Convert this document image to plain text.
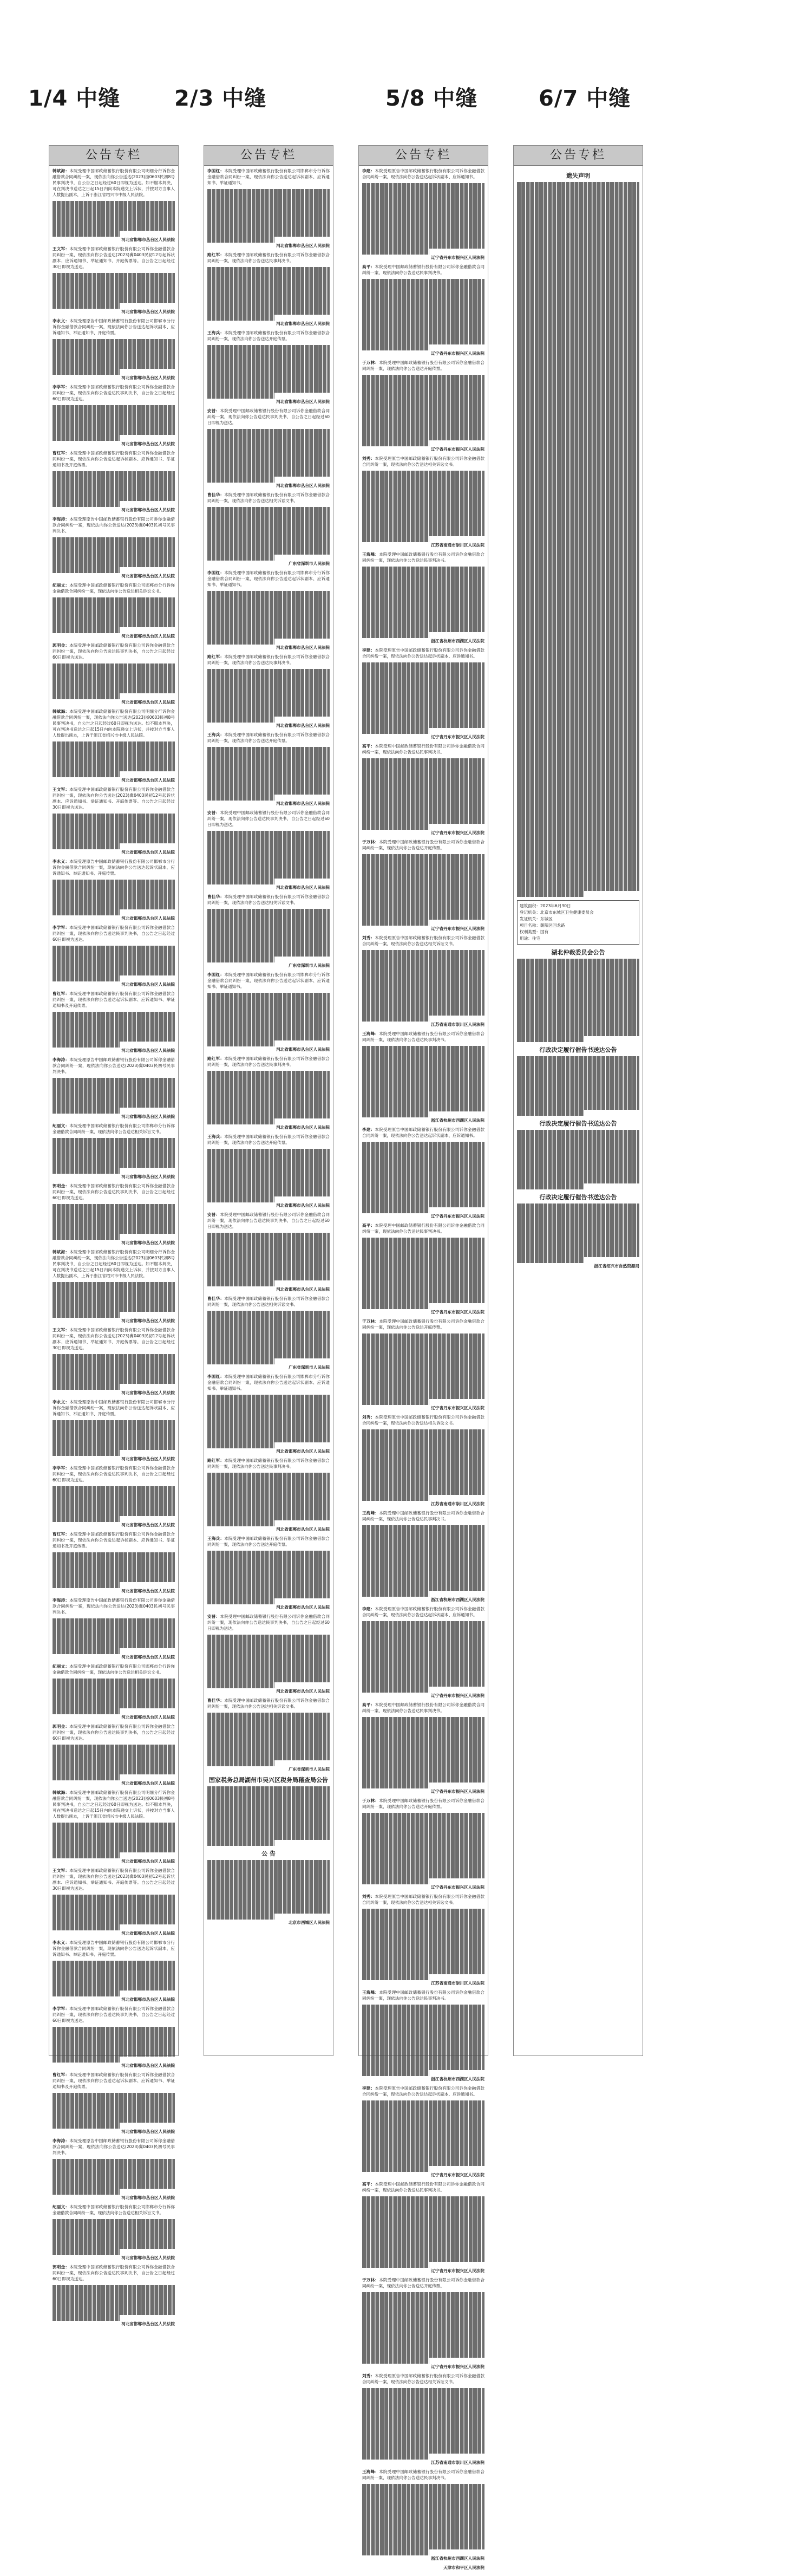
1/4 中缝 2/3 中缝	5/8 中缝	6/7 中缝
公告专栏
韩斌海：本院受理中国邮政储蓄银行股份有限公司明细分行诉你金融借款合同纠纷一案，现依法向你公告送达(2023)浙0603民初8号民事判决书，自公告之日起经过60日即视为送达。如不服本判决，可在判决书送达之日起15日内向本院递交上诉状，并按对方当事人人数提出副本，上诉于浙江省绍兴市中级人民法院。
河北省邯郸市丛台区人民法院
王文军：本院受理中国邮政储蓄银行股份有限公司诉你金融借款合同纠纷一案，现依法向你公告送达(2023)冀0403民初12号起诉状副本、应诉通知书、举证通知书、开庭传票等。自公告之日起经过30日即视为送达。
河北省邯郸市丛台区人民法院
李永义：本院受理原告中国邮政储蓄银行股份有限公司邯郸市分行诉你金融借款合同纠纷一案，现依法向你公告送达起诉状副本、应诉通知书、举证通知书、开庭传票。
河北省邯郸市丛台区人民法院
李学军：本院受理中国邮政储蓄银行股份有限公司诉你金融借款合同纠纷一案，现依法向你公告送达民事判决书，自公告之日起经过60日即视为送达。
河北省邯郸市丛台区人民法院
曹红军：本院受理中国邮政储蓄银行股份有限公司诉你金融借款合同纠纷一案，现依法向你公告送达起诉状副本、应诉通知书、举证通知书及开庭传票。
河北省邯郸市丛台区人民法院
李海涛：本院受理原告中国邮政储蓄银行股份有限公司诉你金融借款合同纠纷一案，现依法向你公告送达(2023)冀0403民初号民事判决书。
河北省邯郸市丛台区人民法院
纪丽文：本院受理中国邮政储蓄银行股份有限公司邯郸市分行诉你金融借款合同纠纷一案，现依法向你公告送达相关诉讼文书。
河北省邯郸市丛台区人民法院
郭明金：本院受理中国邮政储蓄银行股份有限公司诉你金融借款合同纠纷一案，现依法向你公告送达民事判决书，自公告之日起经过60日即视为送达。
河北省邯郸市丛台区人民法院
韩斌海：本院受理中国邮政储蓄银行股份有限公司明细分行诉你金融借款合同纠纷一案，现依法向你公告送达(2023)浙0603民初8号民事判决书，自公告之日起经过60日即视为送达。如不服本判决，可在判决书送达之日起15日内向本院递交上诉状，并按对方当事人人数提出副本，上诉于浙江省绍兴市中级人民法院。
河北省邯郸市丛台区人民法院
王文军：本院受理中国邮政储蓄银行股份有限公司诉你金融借款合同纠纷一案，现依法向你公告送达(2023)冀0403民初12号起诉状副本、应诉通知书、举证通知书、开庭传票等。自公告之日起经过30日即视为送达。
河北省邯郸市丛台区人民法院
李永义：本院受理原告中国邮政储蓄银行股份有限公司邯郸市分行诉你金融借款合同纠纷一案，现依法向你公告送达起诉状副本、应诉通知书、举证通知书、开庭传票。
河北省邯郸市丛台区人民法院
李学军：本院受理中国邮政储蓄银行股份有限公司诉你金融借款合同纠纷一案，现依法向你公告送达民事判决书，自公告之日起经过60日即视为送达。
河北省邯郸市丛台区人民法院
曹红军：本院受理中国邮政储蓄银行股份有限公司诉你金融借款合同纠纷一案，现依法向你公告送达起诉状副本、应诉通知书、举证通知书及开庭传票。
河北省邯郸市丛台区人民法院
李海涛：本院受理原告中国邮政储蓄银行股份有限公司诉你金融借款合同纠纷一案，现依法向你公告送达(2023)冀0403民初号民事判决书。
河北省邯郸市丛台区人民法院
纪丽文：本院受理中国邮政储蓄银行股份有限公司邯郸市分行诉你金融借款合同纠纷一案，现依法向你公告送达相关诉讼文书。
河北省邯郸市丛台区人民法院
郭明金：本院受理中国邮政储蓄银行股份有限公司诉你金融借款合同纠纷一案，现依法向你公告送达民事判决书，自公告之日起经过60日即视为送达。
河北省邯郸市丛台区人民法院
韩斌海：本院受理中国邮政储蓄银行股份有限公司明细分行诉你金融借款合同纠纷一案，现依法向你公告送达(2023)浙0603民初8号民事判决书，自公告之日起经过60日即视为送达。如不服本判决，可在判决书送达之日起15日内向本院递交上诉状，并按对方当事人人数提出副本，上诉于浙江省绍兴市中级人民法院。
河北省邯郸市丛台区人民法院
王文军：本院受理中国邮政储蓄银行股份有限公司诉你金融借款合同纠纷一案，现依法向你公告送达(2023)冀0403民初12号起诉状副本、应诉通知书、举证通知书、开庭传票等。自公告之日起经过30日即视为送达。
河北省邯郸市丛台区人民法院
李永义：本院受理原告中国邮政储蓄银行股份有限公司邯郸市分行诉你金融借款合同纠纷一案，现依法向你公告送达起诉状副本、应诉通知书、举证通知书、开庭传票。
河北省邯郸市丛台区人民法院
李学军：本院受理中国邮政储蓄银行股份有限公司诉你金融借款合同纠纷一案，现依法向你公告送达民事判决书，自公告之日起经过60日即视为送达。
河北省邯郸市丛台区人民法院
曹红军：本院受理中国邮政储蓄银行股份有限公司诉你金融借款合同纠纷一案，现依法向你公告送达起诉状副本、应诉通知书、举证通知书及开庭传票。
河北省邯郸市丛台区人民法院
李海涛：本院受理原告中国邮政储蓄银行股份有限公司诉你金融借款合同纠纷一案，现依法向你公告送达(2023)冀0403民初号民事判决书。
河北省邯郸市丛台区人民法院
纪丽文：本院受理中国邮政储蓄银行股份有限公司邯郸市分行诉你金融借款合同纠纷一案，现依法向你公告送达相关诉讼文书。
河北省邯郸市丛台区人民法院
郭明金：本院受理中国邮政储蓄银行股份有限公司诉你金融借款合同纠纷一案，现依法向你公告送达民事判决书，自公告之日起经过60日即视为送达。
河北省邯郸市丛台区人民法院
韩斌海：本院受理中国邮政储蓄银行股份有限公司明细分行诉你金融借款合同纠纷一案，现依法向你公告送达(2023)浙0603民初8号民事判决书，自公告之日起经过60日即视为送达。如不服本判决，可在判决书送达之日起15日内向本院递交上诉状，并按对方当事人人数提出副本，上诉于浙江省绍兴市中级人民法院。
河北省邯郸市丛台区人民法院
王文军：本院受理中国邮政储蓄银行股份有限公司诉你金融借款合同纠纷一案，现依法向你公告送达(2023)冀0403民初12号起诉状副本、应诉通知书、举证通知书、开庭传票等。自公告之日起经过30日即视为送达。
河北省邯郸市丛台区人民法院
李永义：本院受理原告中国邮政储蓄银行股份有限公司邯郸市分行诉你金融借款合同纠纷一案，现依法向你公告送达起诉状副本、应诉通知书、举证通知书、开庭传票。
河北省邯郸市丛台区人民法院
李学军：本院受理中国邮政储蓄银行股份有限公司诉你金融借款合同纠纷一案，现依法向你公告送达民事判决书，自公告之日起经过60日即视为送达。
河北省邯郸市丛台区人民法院
曹红军：本院受理中国邮政储蓄银行股份有限公司诉你金融借款合同纠纷一案，现依法向你公告送达起诉状副本、应诉通知书、举证通知书及开庭传票。
河北省邯郸市丛台区人民法院
李海涛：本院受理原告中国邮政储蓄银行股份有限公司诉你金融借款合同纠纷一案，现依法向你公告送达(2023)冀0403民初号民事判决书。
河北省邯郸市丛台区人民法院
纪丽文：本院受理中国邮政储蓄银行股份有限公司邯郸市分行诉你金融借款合同纠纷一案，现依法向你公告送达相关诉讼文书。
河北省邯郸市丛台区人民法院
郭明金：本院受理中国邮政储蓄银行股份有限公司诉你金融借款合同纠纷一案，现依法向你公告送达民事判决书，自公告之日起经过60日即视为送达。
河北省邯郸市丛台区人民法院
公告专栏
李国红：本院受理中国邮政储蓄银行股份有限公司邯郸市分行诉你金融借款合同纠纷一案，现依法向你公告送达起诉状副本、应诉通知书、举证通知书。
河北省邯郸市丛台区人民法院
路红军：本院受理中国邮政储蓄银行股份有限公司诉你金融借款合同纠纷一案，现依法向你公告送达民事判决书。
河北省邯郸市丛台区人民法院
王海兵：本院受理中国邮政储蓄银行股份有限公司诉你金融借款合同纠纷一案，现依法向你公告送达开庭传票。
河北省邯郸市丛台区人民法院
安普：本院受理中国邮政储蓄银行股份有限公司诉你金融借款合同纠纷一案，现依法向你公告送达民事判决书，自公告之日起经过60日即视为送达。
河北省邯郸市丛台区人民法院
曹佳华：本院受理中国邮政储蓄银行股份有限公司诉你金融借款合同纠纷一案，现依法向你公告送达相关诉讼文书。
广东省深圳市人民法院
李国红：本院受理中国邮政储蓄银行股份有限公司邯郸市分行诉你金融借款合同纠纷一案，现依法向你公告送达起诉状副本、应诉通知书、举证通知书。
河北省邯郸市丛台区人民法院
路红军：本院受理中国邮政储蓄银行股份有限公司诉你金融借款合同纠纷一案，现依法向你公告送达民事判决书。
河北省邯郸市丛台区人民法院
王海兵：本院受理中国邮政储蓄银行股份有限公司诉你金融借款合同纠纷一案，现依法向你公告送达开庭传票。
河北省邯郸市丛台区人民法院
安普：本院受理中国邮政储蓄银行股份有限公司诉你金融借款合同纠纷一案，现依法向你公告送达民事判决书，自公告之日起经过60日即视为送达。
河北省邯郸市丛台区人民法院
曹佳华：本院受理中国邮政储蓄银行股份有限公司诉你金融借款合同纠纷一案，现依法向你公告送达相关诉讼文书。
广东省深圳市人民法院
李国红：本院受理中国邮政储蓄银行股份有限公司邯郸市分行诉你金融借款合同纠纷一案，现依法向你公告送达起诉状副本、应诉通知书、举证通知书。
河北省邯郸市丛台区人民法院
路红军：本院受理中国邮政储蓄银行股份有限公司诉你金融借款合同纠纷一案，现依法向你公告送达民事判决书。
河北省邯郸市丛台区人民法院
王海兵：本院受理中国邮政储蓄银行股份有限公司诉你金融借款合同纠纷一案，现依法向你公告送达开庭传票。
河北省邯郸市丛台区人民法院
安普：本院受理中国邮政储蓄银行股份有限公司诉你金融借款合同纠纷一案，现依法向你公告送达民事判决书，自公告之日起经过60日即视为送达。
河北省邯郸市丛台区人民法院
曹佳华：本院受理中国邮政储蓄银行股份有限公司诉你金融借款合同纠纷一案，现依法向你公告送达相关诉讼文书。
广东省深圳市人民法院
李国红：本院受理中国邮政储蓄银行股份有限公司邯郸市分行诉你金融借款合同纠纷一案，现依法向你公告送达起诉状副本、应诉通知书、举证通知书。
河北省邯郸市丛台区人民法院
路红军：本院受理中国邮政储蓄银行股份有限公司诉你金融借款合同纠纷一案，现依法向你公告送达民事判决书。
河北省邯郸市丛台区人民法院
王海兵：本院受理中国邮政储蓄银行股份有限公司诉你金融借款合同纠纷一案，现依法向你公告送达开庭传票。
河北省邯郸市丛台区人民法院
安普：本院受理中国邮政储蓄银行股份有限公司诉你金融借款合同纠纷一案，现依法向你公告送达民事判决书，自公告之日起经过60日即视为送达。
河北省邯郸市丛台区人民法院
曹佳华：本院受理中国邮政储蓄银行股份有限公司诉你金融借款合同纠纷一案，现依法向你公告送达相关诉讼文书。
广东省深圳市人民法院
国家税务总局湖州市吴兴区税务局稽查局公告
公 告
北京市西城区人民法院
公告专栏
李建：本院受理原告中国邮政储蓄银行股份有限公司诉你金融借款合同纠纷一案，现依法向你公告送达起诉状副本、应诉通知书。
辽宁省丹东市振兴区人民法院
高平：本院受理中国邮政储蓄银行股份有限公司诉你金融借款合同纠纷一案，现依法向你公告送达民事判决书。
辽宁省丹东市振兴区人民法院
于万林：本院受理中国邮政储蓄银行股份有限公司诉你金融借款合同纠纷一案，现依法向你公告送达开庭传票。
辽宁省丹东市振兴区人民法院
刘秀：本院受理原告中国邮政储蓄银行股份有限公司诉你金融借款合同纠纷一案，现依法向你公告送达相关诉讼文书。
江苏省南通市崇川区人民法院
王海峰：本院受理中国邮政储蓄银行股份有限公司诉你金融借款合同纠纷一案，现依法向你公告送达民事判决书。
浙江省杭州市西湖区人民法院
李建：本院受理原告中国邮政储蓄银行股份有限公司诉你金融借款合同纠纷一案，现依法向你公告送达起诉状副本、应诉通知书。
辽宁省丹东市振兴区人民法院
高平：本院受理中国邮政储蓄银行股份有限公司诉你金融借款合同纠纷一案，现依法向你公告送达民事判决书。
辽宁省丹东市振兴区人民法院
于万林：本院受理中国邮政储蓄银行股份有限公司诉你金融借款合同纠纷一案，现依法向你公告送达开庭传票。
辽宁省丹东市振兴区人民法院
刘秀：本院受理原告中国邮政储蓄银行股份有限公司诉你金融借款合同纠纷一案，现依法向你公告送达相关诉讼文书。
江苏省南通市崇川区人民法院
王海峰：本院受理中国邮政储蓄银行股份有限公司诉你金融借款合同纠纷一案，现依法向你公告送达民事判决书。
浙江省杭州市西湖区人民法院
李建：本院受理原告中国邮政储蓄银行股份有限公司诉你金融借款合同纠纷一案，现依法向你公告送达起诉状副本、应诉通知书。
辽宁省丹东市振兴区人民法院
高平：本院受理中国邮政储蓄银行股份有限公司诉你金融借款合同纠纷一案，现依法向你公告送达民事判决书。
辽宁省丹东市振兴区人民法院
于万林：本院受理中国邮政储蓄银行股份有限公司诉你金融借款合同纠纷一案，现依法向你公告送达开庭传票。
辽宁省丹东市振兴区人民法院
刘秀：本院受理原告中国邮政储蓄银行股份有限公司诉你金融借款合同纠纷一案，现依法向你公告送达相关诉讼文书。
江苏省南通市崇川区人民法院
王海峰：本院受理中国邮政储蓄银行股份有限公司诉你金融借款合同纠纷一案，现依法向你公告送达民事判决书。
浙江省杭州市西湖区人民法院
李建：本院受理原告中国邮政储蓄银行股份有限公司诉你金融借款合同纠纷一案，现依法向你公告送达起诉状副本、应诉通知书。
辽宁省丹东市振兴区人民法院
高平：本院受理中国邮政储蓄银行股份有限公司诉你金融借款合同纠纷一案，现依法向你公告送达民事判决书。
辽宁省丹东市振兴区人民法院
于万林：本院受理中国邮政储蓄银行股份有限公司诉你金融借款合同纠纷一案，现依法向你公告送达开庭传票。
辽宁省丹东市振兴区人民法院
刘秀：本院受理原告中国邮政储蓄银行股份有限公司诉你金融借款合同纠纷一案，现依法向你公告送达相关诉讼文书。
江苏省南通市崇川区人民法院
王海峰：本院受理中国邮政储蓄银行股份有限公司诉你金融借款合同纠纷一案，现依法向你公告送达民事判决书。
浙江省杭州市西湖区人民法院
李建：本院受理原告中国邮政储蓄银行股份有限公司诉你金融借款合同纠纷一案，现依法向你公告送达起诉状副本、应诉通知书。
辽宁省丹东市振兴区人民法院
高平：本院受理中国邮政储蓄银行股份有限公司诉你金融借款合同纠纷一案，现依法向你公告送达民事判决书。
辽宁省丹东市振兴区人民法院
于万林：本院受理中国邮政储蓄银行股份有限公司诉你金融借款合同纠纷一案，现依法向你公告送达开庭传票。
辽宁省丹东市振兴区人民法院
刘秀：本院受理原告中国邮政储蓄银行股份有限公司诉你金融借款合同纠纷一案，现依法向你公告送达相关诉讼文书。
江苏省南通市崇川区人民法院
王海峰：本院受理中国邮政储蓄银行股份有限公司诉你金融借款合同纠纷一案，现依法向你公告送达民事判决书。
浙江省杭州市西湖区人民法院
天津市和平区人民法院
公告专栏
遗失声明
建筑面积：2023年6月30日
登记机关：北京市东城区卫生健康委员会
发证机关：东城区
项目名称：朝阳区回龙路
权利类型：国有
用途：住宅
湖北仲裁委员会公告
行政决定履行催告书送达公告
行政决定履行催告书送达公告
行政决定履行催告书送达公告
浙江省绍兴市自然资源局
